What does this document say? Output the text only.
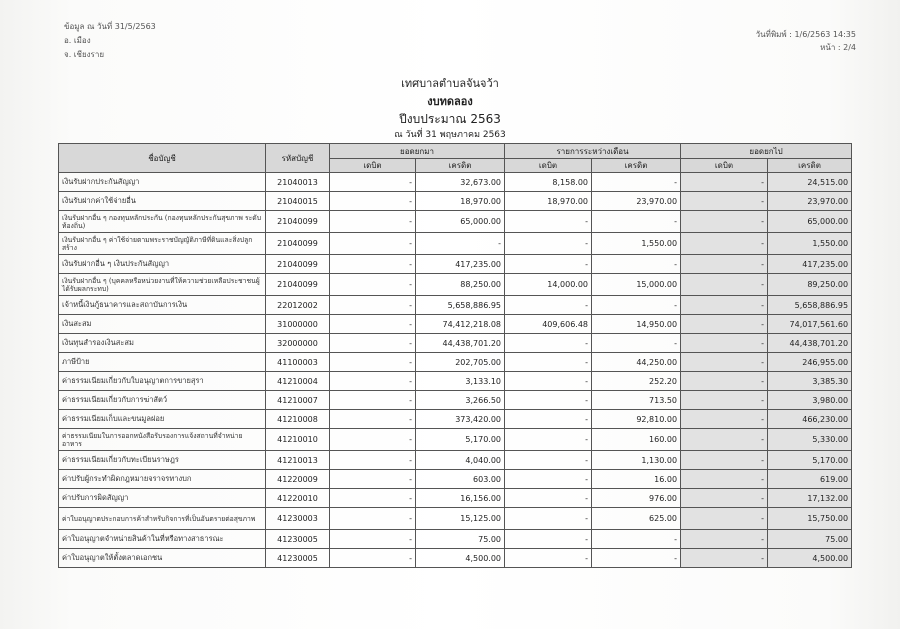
ข้อมูล ณ วันที่ 31/5/2563
อ. เมือง
จ. เชียงราย
วันที่พิมพ์ : 1/6/2563 14:35
หน้า : 2/4
เทศบาลตำบลจันจว้า
งบทดลอง
ปีงบประมาณ 2563
ณ วันที่ 31 พฤษภาคม 2563
ชื่อบัญชี	รหัสบัญชี	ยอดยกมา		รายการระหว่างเดือน		ยอดยกไป	
		เดบิต	เครดิต	เดบิต	เครดิต	เดบิต	เครดิต
เงินรับฝากประกันสัญญา	21040013	-	32,673.00	8,158.00	-	-	24,515.00
เงินรับฝากค่าใช้จ่ายอื่น	21040015	-	18,970.00	18,970.00	23,970.00	-	23,970.00
เงินรับฝากอื่น ๆ กองทุนหลักประกัน (กองทุนหลักประกันสุขภาพ ระดับท้องถิ่น)	21040099	-	65,000.00	-	-	-	65,000.00
เงินรับฝากอื่น ๆ ค่าใช้จ่ายตามพระราชบัญญัติภาษีที่ดินและสิ่งปลูกสร้าง	21040099	-	-	-	1,550.00	-	1,550.00
เงินรับฝากอื่น ๆ เงินประกันสัญญา	21040099	-	417,235.00	-	-	-	417,235.00
เงินรับฝากอื่น ๆ (บุคคลหรือหน่วยงานที่ให้ความช่วยเหลือประชาชนผู้ได้รับผลกระทบ)	21040099	-	88,250.00	14,000.00	15,000.00	-	89,250.00
เจ้าหนี้เงินกู้ธนาคารและสถาบันการเงิน	22012002	-	5,658,886.95	-	-	-	5,658,886.95
เงินสะสม	31000000	-	74,412,218.08	409,606.48	14,950.00	-	74,017,561.60
เงินทุนสำรองเงินสะสม	32000000	-	44,438,701.20	-	-	-	44,438,701.20
ภาษีป้าย	41100003	-	202,705.00	-	44,250.00	-	246,955.00
ค่าธรรมเนียมเกี่ยวกับใบอนุญาตการขายสุรา	41210004	-	3,133.10	-	252.20	-	3,385.30
ค่าธรรมเนียมเกี่ยวกับการฆ่าสัตว์	41210007	-	3,266.50	-	713.50	-	3,980.00
ค่าธรรมเนียมเก็บและขนมูลฝอย	41210008	-	373,420.00	-	92,810.00	-	466,230.00
ค่าธรรมเนียมในการออกหนังสือรับรองการแจ้งสถานที่จำหน่ายอาหาร	41210010	-	5,170.00	-	160.00	-	5,330.00
ค่าธรรมเนียมเกี่ยวกับทะเบียนราษฎร	41210013	-	4,040.00	-	1,130.00	-	5,170.00
ค่าปรับผู้กระทำผิดกฎหมายจราจรทางบก	41220009	-	603.00	-	16.00	-	619.00
ค่าปรับการผิดสัญญา	41220010	-	16,156.00	-	976.00	-	17,132.00
ค่าใบอนุญาตประกอบการค้าสำหรับกิจการที่เป็นอันตรายต่อสุขภาพ	41230003	-	15,125.00	-	625.00	-	15,750.00
ค่าใบอนุญาตจำหน่ายสินค้าในที่หรือทางสาธารณะ	41230005	-	75.00	-	-	-	75.00
ค่าใบอนุญาตให้ตั้งตลาดเอกชน	41230005	-	4,500.00	-	-	-	4,500.00
